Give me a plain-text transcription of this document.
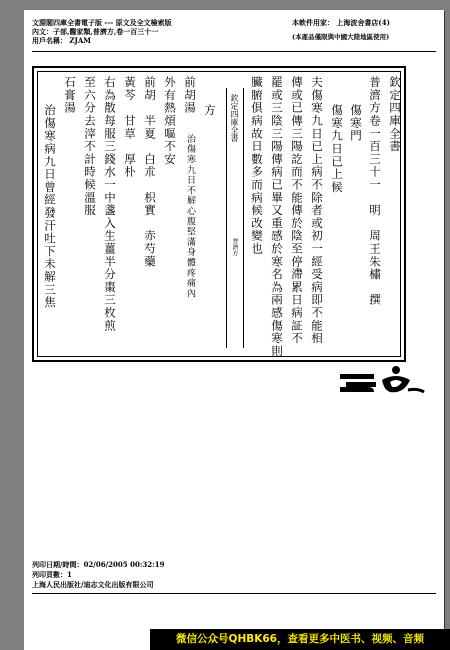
文淵閣四庫全書電子版 --- 原文及全文檢索版
內文：子部,醫家類,普濟方,卷一百三十一
用戶名稱： ZJAM
本軟件用家： 上海波舍書店(4)
(本產品僅限與中國大陸地區使用)
欽定四庫全書
普濟方卷一百三十一　明　周王朱橚　撰
傷寒門
傷寒九日已上候
夫傷寒九日已上病不除者或初一經受病即不能相
傳或已傳三陽訖而不能傳於陰至停滯累日病証不
罷或三陰三陽傳病已畢又重感於寒名為兩感傷寒則
臟腑俱病故日數多而病候改變也
欽定四庫全書
普濟方
方
前胡湯
治傷寒九日不解心腹堅滿身體疼痛內
外有熱煩嘔不安
前胡　半夏　白朮　枳實　赤芍藥
黃芩　甘草　厚朴
右為散每服三錢水一中盞入生薑半分棗三枚煎
至六分去滓不計時候溫服
石膏湯
治傷寒病九日曾經發汗吐下未解三焦
列印日期/時間：02/06/2005 00:32:19
列印頁數：1
上海人民出版社/迪志文化出版有限公司
微信公众号QHBK66，查看更多中医书、视频、音频
